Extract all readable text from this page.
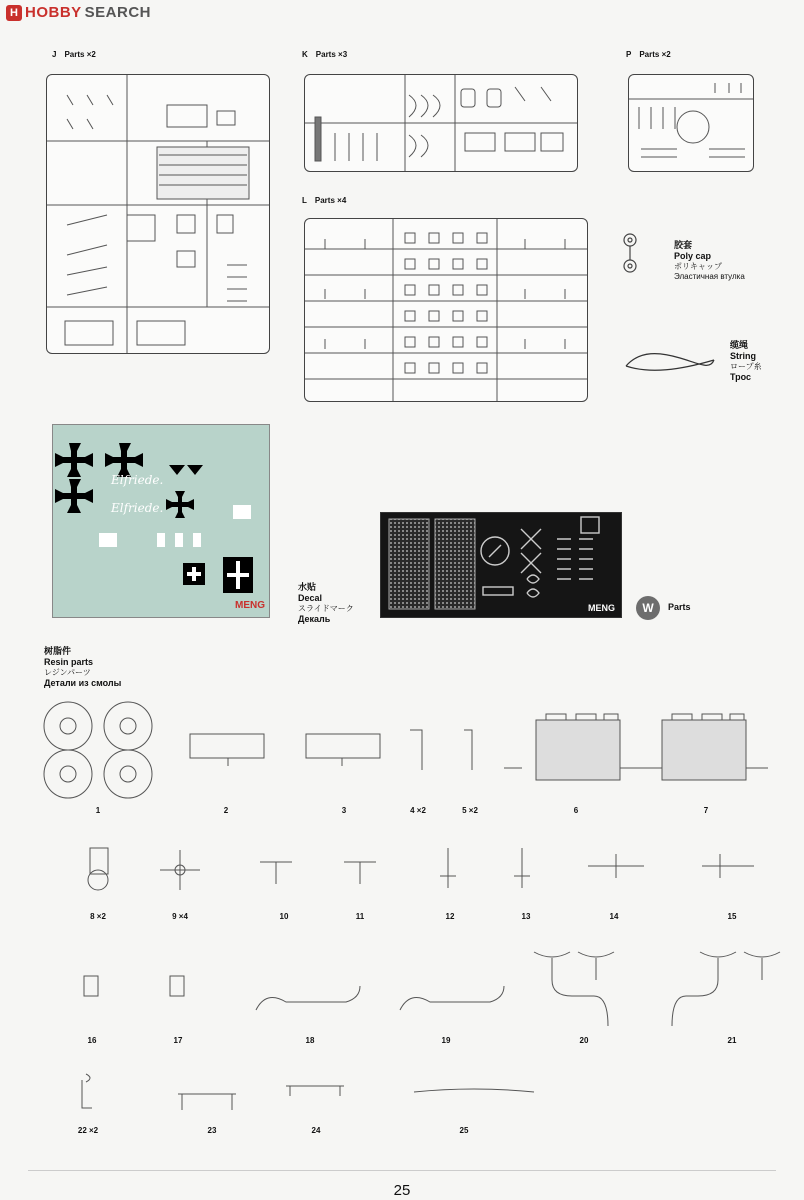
H HOBBY SEARCH
J Parts ×2	K Parts ×3	P Parts ×2
L Parts ×4
胶套
Poly cap
ポリキャップ
Эластичная втулка
缆绳
String
ロープ糸
Трос
Elfriede.
Elfriede.
MENG
水贴
Decal
スライドマーク
Декаль
MENG	W	Parts
树脂件
Resin parts
レジンパーツ
Детали из смолы
1	2	3	4 ×2	5 ×2	6	7
8 ×2	9 ×4	10	11	12	13	14	15
16	17	18	19	20	21
22 ×2	23	24	25
25
